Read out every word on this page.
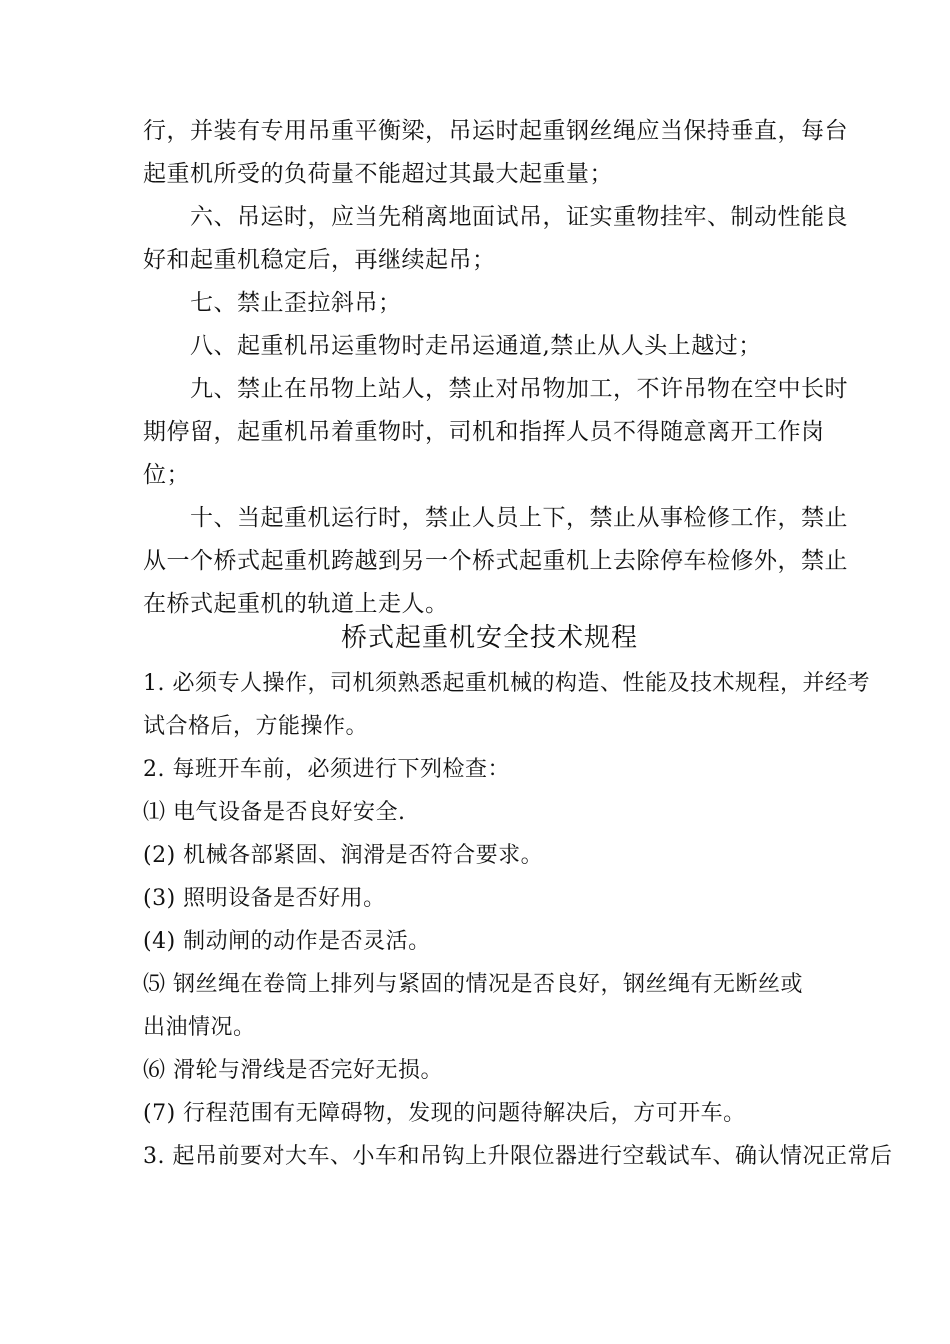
行，并装有专用吊重平衡梁，吊运时起重钢丝绳应当保持垂直，每台
起重机所受的负荷量不能超过其最大起重量；
六、吊运时，应当先稍离地面试吊，证实重物挂牢、制动性能良
好和起重机稳定后，再继续起吊；
七、禁止歪拉斜吊；
八、起重机吊运重物时走吊运通道,禁止从人头上越过；
九、禁止在吊物上站人，禁止对吊物加工，不许吊物在空中长时
期停留，起重机吊着重物时，司机和指挥人员不得随意离开工作岗
位；
十、当起重机运行时，禁止人员上下，禁止从事检修工作，禁止
从一个桥式起重机跨越到另一个桥式起重机上去除停车检修外，禁止
在桥式起重机的轨道上走人。
桥式起重机安全技术规程
1. 必须专人操作，司机须熟悉起重机械的构造、性能及技术规程，并经考
试合格后，方能操作。
2. 每班开车前，必须进行下列检查：
⑴ 电气设备是否良好安全.
(2) 机械各部紧固、润滑是否符合要求。
(3) 照明设备是否好用。
(4) 制动闸的动作是否灵活。
⑸ 钢丝绳在卷筒上排列与紧固的情况是否良好，钢丝绳有无断丝或
出油情况。
⑹ 滑轮与滑线是否完好无损。
(7) 行程范围有无障碍物，发现的问题待解决后，方可开车。
3. 起吊前要对大车、小车和吊钩上升限位器进行空载试车、确认情况正常后
